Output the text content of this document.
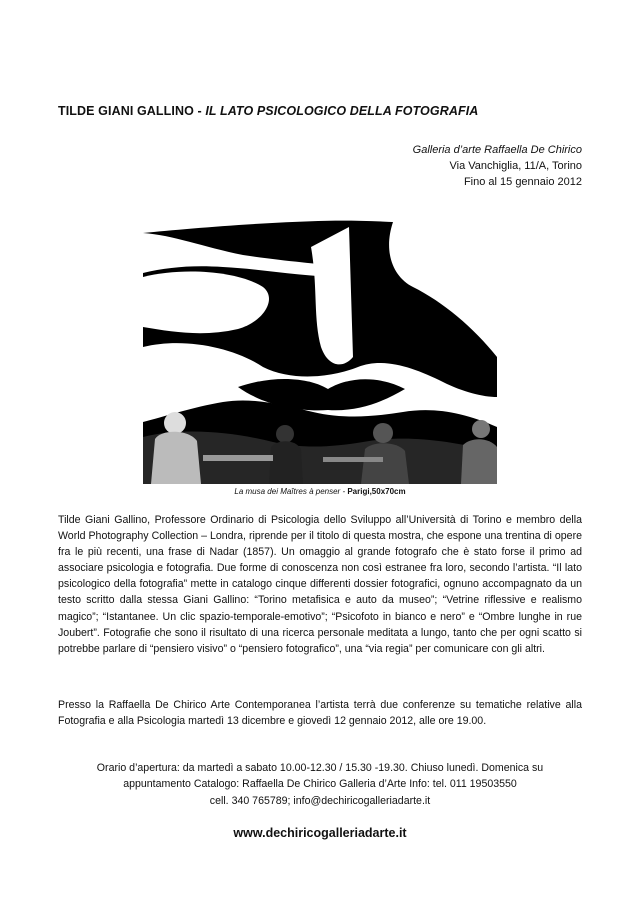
TILDE GIANI GALLINO - IL LATO PSICOLOGICO DELLA FOTOGRAFIA
Galleria d’arte Raffaella De Chirico
Via Vanchiglia, 11/A, Torino
Fino al 15 gennaio 2012
La musa dei Maîtres à penser - Parigi,50x70cm
Tilde Giani Gallino, Professore Ordinario di Psicologia dello Sviluppo all’Università di Torino e membro della World Photography Collection – Londra, riprende per il titolo di questa mostra, che espone una trentina di opere fra le più recenti, una frase di Nadar (1857). Un omaggio al grande fotografo che è stato forse il primo ad associare psicologia e fotografia. Due forme di conoscenza non così estranee fra loro, secondo l’artista. “Il lato psicologico della fotografia” mette in catalogo cinque differenti dossier fotografici, ognuno accompagnato da un testo scritto dalla stessa Giani Gallino: “Torino metafisica e auto da museo”; “Vetrine riflessive e realismo magico”; “Istantanee. Un clic spazio-temporale-emotivo”; “Psicofoto in bianco e nero” e “Ombre lunghe in rue Joubert”. Fotografie che sono il risultato di una ricerca personale meditata a lungo, tanto che per ogni scatto si potrebbe parlare di “pensiero visivo” o “pensiero fotografico”, una “via regia” per comunicare con gli altri.
Presso la Raffaella De Chirico Arte Contemporanea l’artista terrà due conferenze su tematiche relative alla Fotografia e alla Psicologia martedì 13 dicembre e giovedì 12 gennaio 2012, alle ore 19.00.
Orario d’apertura: da martedì a sabato 10.00-12.30 / 15.30 -19.30. Chiuso lunedì. Domenica su
appuntamento Catalogo: Raffaella De Chirico Galleria d’Arte Info: tel. 011 19503550
cell. 340 765789; info@dechiricogalleriadarte.it
www.dechiricogalleriadarte.it
